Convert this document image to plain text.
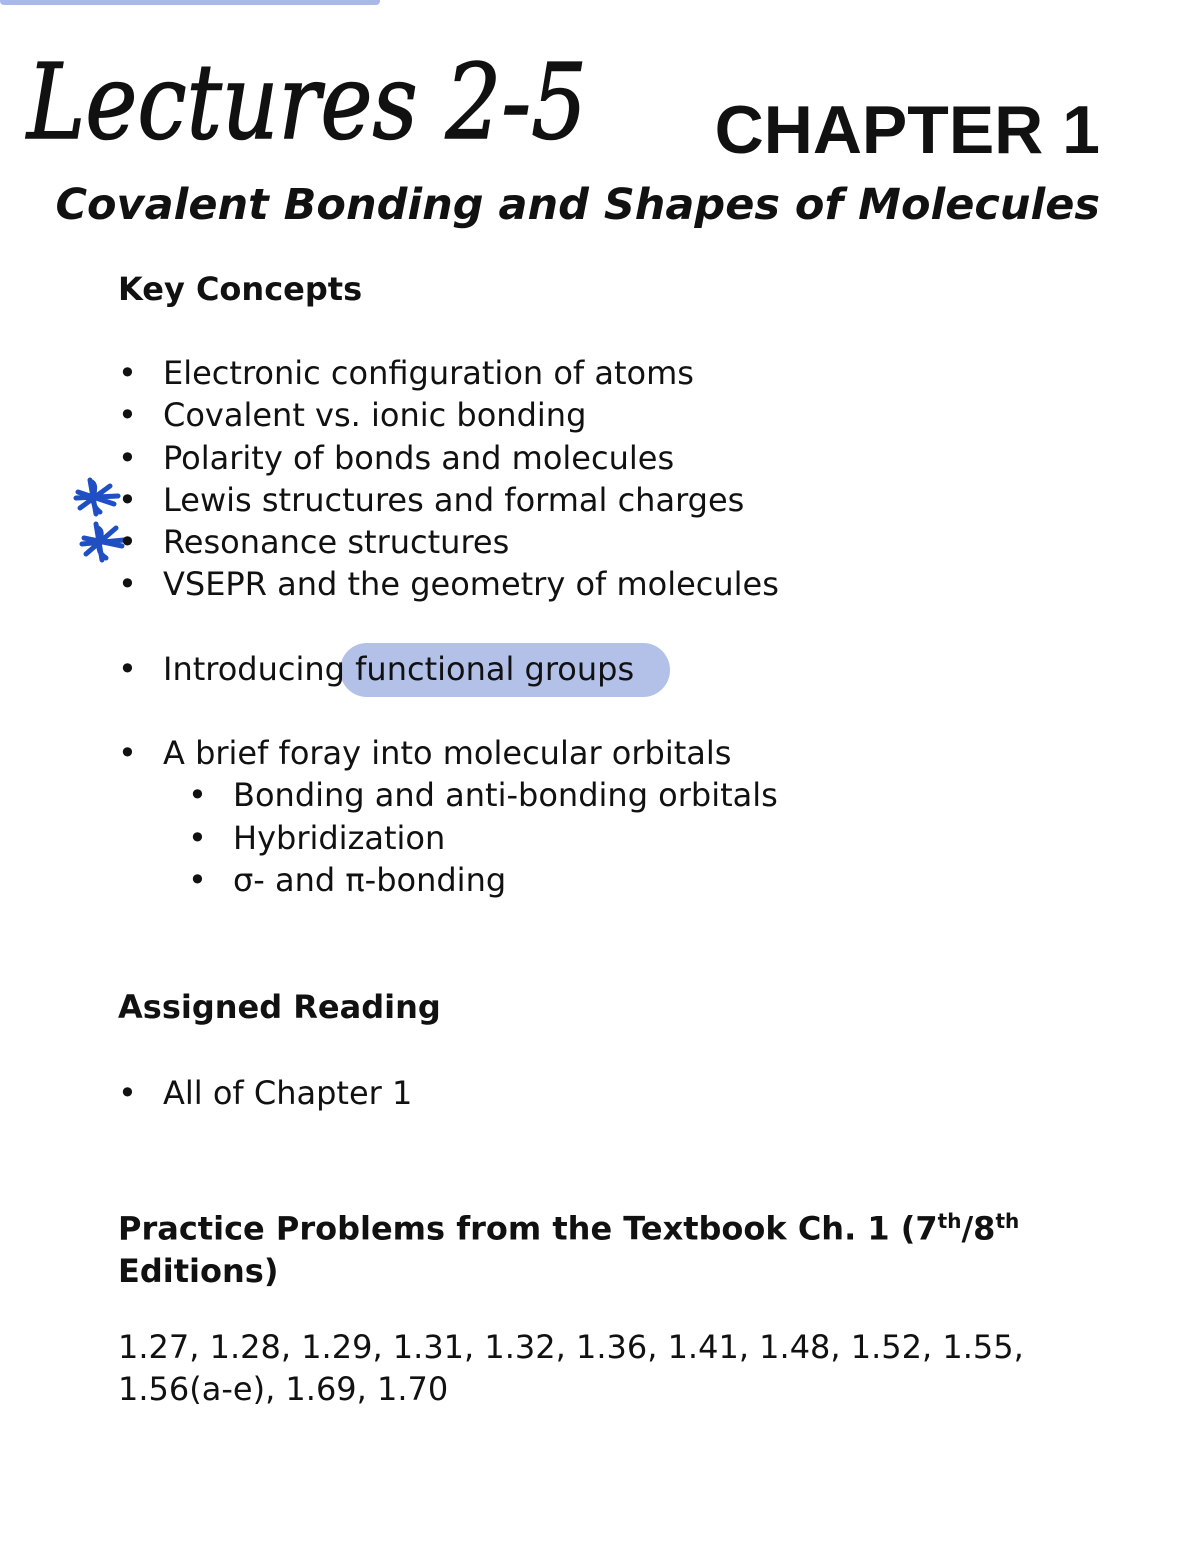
Lectures 2-5 CHAPTER 1
Covalent Bonding and Shapes of Molecules
Key Concepts
• Electronic configuration of atoms
• Covalent vs. ionic bonding
• Polarity of bonds and molecules
• Lewis structures and formal charges
• Resonance structures
• VSEPR and the geometry of molecules
• Introducing functional groups
• A brief foray into molecular orbitals
• Bonding and anti-bonding orbitals
• Hybridization
• σ- and π-bonding
Assigned Reading
• All of Chapter 1
Practice Problems from the Textbook Ch. 1 (7th/8th
Editions)
1.27, 1.28, 1.29, 1.31, 1.32, 1.36, 1.41, 1.48, 1.52, 1.55,
1.56(a-e), 1.69, 1.70
